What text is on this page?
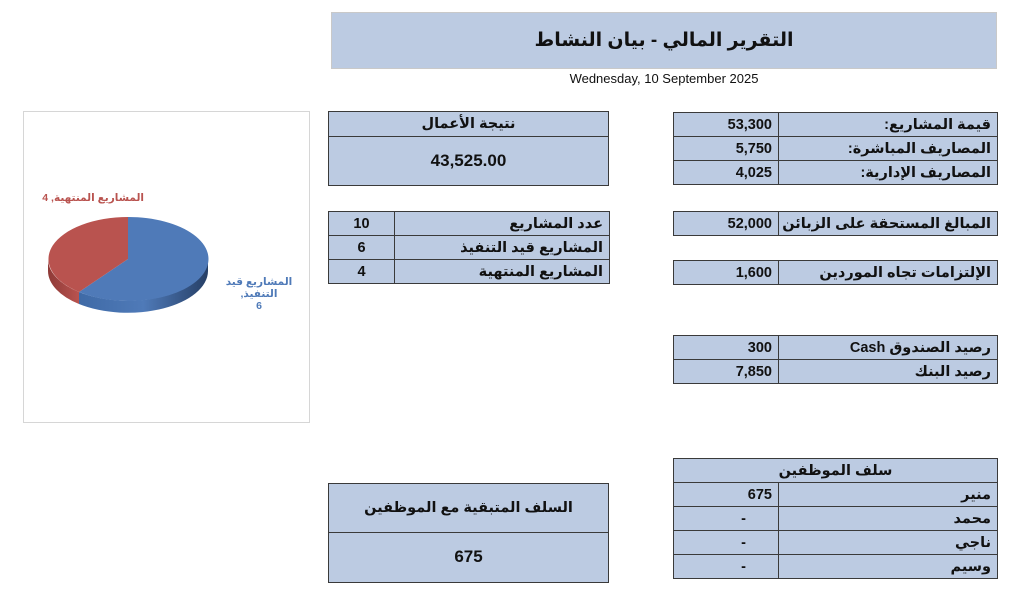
التقرير المالي - بيان النشاط
Wednesday, 10 September 2025
53,300	قيمة المشاريع:
5,750	المصاريف المباشرة:
4,025	المصاريف الإدارية:
52,000	المبالغ المستحقة على الزبائن
1,600	الإلتزامات تجاه الموردين
300	رصيد الصندوق Cash
7,850	رصيد البنك
سلف الموظفين	
675	منير
-	محمد
-	ناجي
-	وسيم
نتيجة الأعمال
43,525.00
10	عدد المشاريع
6	المشاريع قيد التنفيذ
4	المشاريع المنتهية
السلف المتبقية مع الموظفين
675
المشاريع المنتهية, 4
المشاريع قيد التنفيذ,
6
